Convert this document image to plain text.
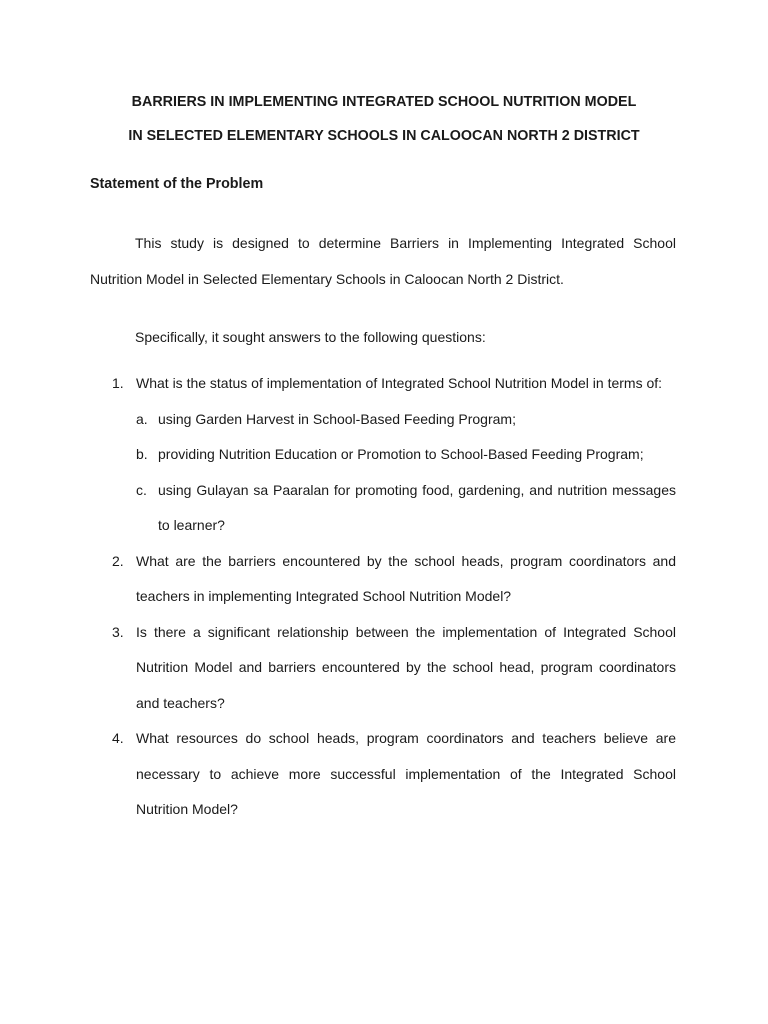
BARRIERS IN IMPLEMENTING INTEGRATED SCHOOL NUTRITION MODEL
IN SELECTED ELEMENTARY SCHOOLS IN CALOOCAN NORTH 2 DISTRICT
Statement of the Problem

This study is designed to determine Barriers in Implementing Integrated School Nutrition Model in Selected Elementary Schools in Caloocan North 2 District.

Specifically, it sought answers to the following questions:

1. What is the status of implementation of Integrated School Nutrition Model in terms of:
a. using Garden Harvest in School-Based Feeding Program;
b. providing Nutrition Education or Promotion to School-Based Feeding Program;
c. using Gulayan sa Paaralan for promoting food, gardening, and nutrition messages to learner?
2. What are the barriers encountered by the school heads, program coordinators and teachers in implementing Integrated School Nutrition Model?
3. Is there a significant relationship between the implementation of Integrated School Nutrition Model and barriers encountered by the school head, program coordinators and teachers?
4. What resources do school heads, program coordinators and teachers believe are necessary to achieve more successful implementation of the Integrated School Nutrition Model?
